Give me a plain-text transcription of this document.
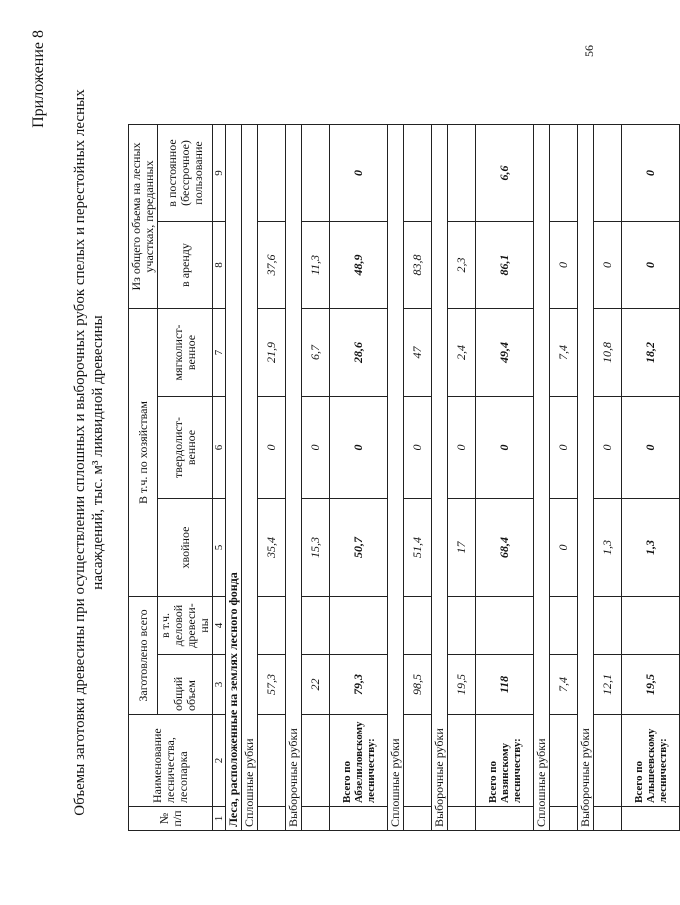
Приложение 8
Объемы заготовки древесины при осуществлении сплошных и выборочных рубок спелых и перестойных лесных насаждений, тыс. м³ ликвидной древесины
№ п/п	Наименование лесничества, лесопарка	Заготовлено всего		В т.ч. по хозяйствам			Из общего объема на лесных участках, переданных	
		общий объем	в т.ч. деловой древеси-ны	хвойное	твердолист-венное	мягколист-венное	в аренду	в постоянное (бессрочное) пользование

1	2	3	4	5	6	7	8	9
Леса, расположенные на землях лесного фонда								
Сплошные рубки								
		57,3		35,4	0	21,9	37,6	
Выборочные рубки								
		22		15,3	0	6,7	11,3	
	Всего по Абзелиловскому лесничеству:	79,3		50,7	0	28,6	48,9	0
Сплошные рубки								
		98,5		51,4	0	47	83,8	
Выборочные рубки								
		19,5		17	0	2,4	2,3	
	Всего по Авзянскому лесничеству:	118		68,4	0	49,4	86,1	6,6
Сплошные рубки								
		7,4		0	0	7,4	0	
Выборочные рубки								
		12,1		1,3	0	10,8	0	
	Всего по Альшеевскому лесничеству:	19,5		1,3	0	18,2	0	0
56
